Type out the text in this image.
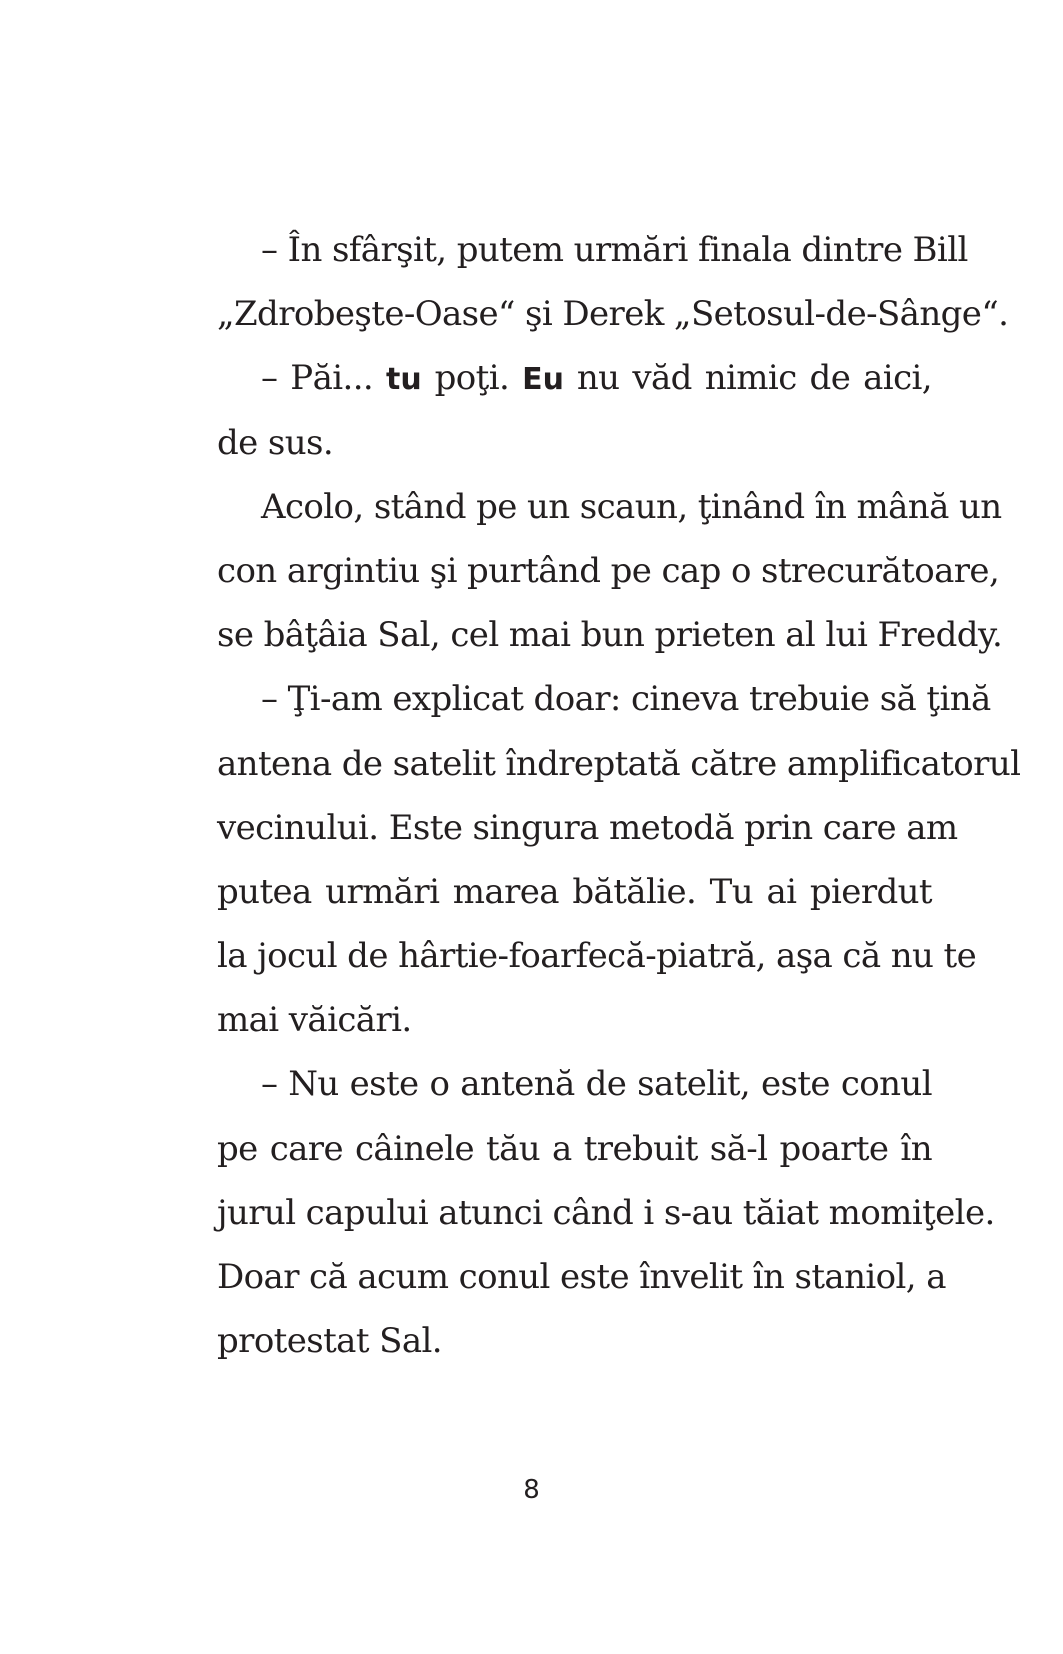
– În sfârşit, putem urmări finala dintre Bill
„Zdrobeşte-Oase“ şi Derek „Setosul-de-Sânge“.
– Păi... tu poţi. Eu nu văd nimic de aici,
de sus.
Acolo, stând pe un scaun, ţinând în mână un
con argintiu şi purtând pe cap o strecurătoare,
se bâţâia Sal, cel mai bun prieten al lui Freddy.
– Ţi-am explicat doar: cineva trebuie să ţină
antena de satelit îndreptată către amplificatorul
vecinului. Este singura metodă prin care am
putea urmări marea bătălie. Tu ai pierdut
la jocul de hârtie-foarfecă-piatră, aşa că nu te
mai văicări.
– Nu este o antenă de satelit, este conul
pe care câinele tău a trebuit să-l poarte în
jurul capului atunci când i s-au tăiat momiţele.
Doar că acum conul este învelit în staniol, a
protestat Sal.
8
